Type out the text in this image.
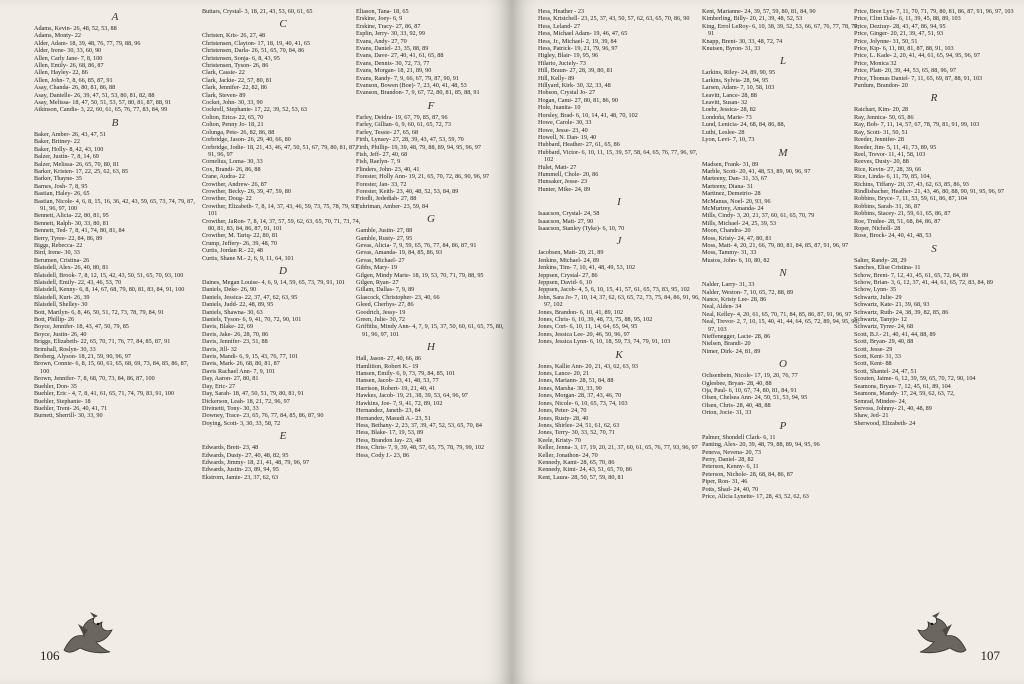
A
Adams, Kevin- 26, 48, 52, 53, 88
Adams, Monty- 22
Alder, Adam- 18, 39, 48, 76, 77, 79, 88, 96
Alder, Irene- 30, 33, 60, 90
Allen, Carly Jane- 7, 8, 100
Allen, Emily- 26, 68, 86, 87
Allen, Hayley- 22, 86
Allen, John- 7, 8, 66, 85, 87, 91
Asay, Chanda- 26, 80, 81, 86, 88
Asay, Danielle- 26, 39, 47, 51, 53, 80, 81, 82, 88
Asay, Melissa- 18, 47, 50, 51, 53, 57, 80, 81, 87, 88, 91
Atkinson, Candis- 3, 22, 60, 61, 65, 76, 77, 83, 84, 99
B
Baker, Amber- 26, 43, 47, 51
Baker, Britney- 22
Baker, Holly- 8, 42, 43, 100
Balzer, Justin- 7, 8, 14, 69
Balzer, Melissa- 26, 65, 70, 80, 81
Barker, Kristen- 17, 22, 25, 62, 63, 85
Barker, Thayne- 35
Barnes, Josh- 7, 8, 95
Bastian, Haley- 26, 65
Bastian, Nicole- 4, 6, 8, 15, 16, 36, 42, 43, 59, 65, 73, 74, 79, 87, 91, 96, 97, 100
Bennett, Alicia- 22, 80, 81, 95
Bennett, Ralph- 30, 33, 80, 81
Bennett, Ted- 7, 8, 41, 74, 80, 81, 84
Berry, Tyree- 22, 84, 86, 89
Biggs, Rebecca- 22
Bird, Irene- 30, 33
Berumen, Cristina- 26
Blaisdell, Alex- 26, 40, 80, 81
Blaisdell, Brook- 7, 8, 12, 15, 42, 43, 50, 51, 65, 70, 93, 100
Blaisdell, Emily- 22, 43, 46, 53, 70
Blaisdell, Kenny- 6, 8, 14, 67, 68, 79, 80, 81, 83, 84, 91, 100
Blaisdell, Kurt- 26, 39
Blaisdell, Shelley- 30
Bott, Marilyn- 6, 8, 46, 50, 51, 72, 73, 78, 79, 84, 91
Bott, Phillip- 26
Boyce, Jennifer- 18, 43, 47, 50, 79, 85
Boyce, Justin- 26, 40
Briggs, Elizabeth- 22, 65, 70, 71, 76, 77, 84, 85, 87, 91
Brimhall, Roslyn- 30, 33
Broberg, Alyson- 18, 21, 59, 90, 96, 97
Brown, Connie- 6, 8, 15, 60, 61, 65, 68, 69, 73, 84, 85, 86, 87, 100
Brown, Jennifer- 7, 8, 68, 70, 73, 84, 86, 87, 100
Buehler, Don- 35
Buehler, Eric - 4, 7, 8, 41, 61, 65, 71, 74, 79, 83, 91, 100
Buehler, Stephanie- 18
Buehler, Trent- 26, 40, 41, 71
Burnett, Sherrill- 30, 33, 90
Buttars, Crystal- 3, 18, 21, 43, 53, 60, 61, 65
C
Christen, Kris- 26, 27, 48
Christensen, Clayton- 17, 18, 19, 40, 41, 65
Christensen, Darla- 26, 51, 65, 70, 84, 86
Christensen, Sonja- 6, 8, 43, 95
Christensen, Tyson- 26, 86
Clark, Cassie- 22
Clark, Jackie- 22, 57, 80, 81
Clark, Jennifer- 22, 82, 86
Clark, Steven- 89
Cocket, John- 30, 33, 90
Cockrell, Stephanie- 17, 22, 39, 52, 53, 63
Colton, Erica- 22, 65, 70
Colton, Penny Jo- 18, 21
Colunga, Pete- 26, 82, 86, 88
Corbridge, Jason- 26, 29, 40, 66, 80
Corbridge, Jodie- 18, 21, 43, 46, 47, 50, 51, 67, 79, 80, 81, 87, 91, 96, 97
Cornelius, Loma- 30, 33
Cox, Brandi- 26, 86, 88
Crane, Audra- 22
Crowther, Andrew- 26, 87
Crowther, Becky- 26, 39, 47, 59, 80
Crowther, Doug- 22
Crowther, Elizabeth- 7, 8, 14, 37, 43, 46, 59, 73, 75, 78, 79, 93, 101
Crowther, JaRon- 7, 8, 14, 37, 57, 59, 62, 63, 65, 70, 71, 73, 74, 80, 81, 83, 84, 86, 87, 91, 101
Crowther, M. Tariq- 22, 80, 81
Crump, Jeffery- 26, 39, 48, 70
Curtis, Jordan R.- 22, 48
Curtis, Shane M.- 2, 6, 9, 11, 64, 101
D
Daines, Megan Louise- 4, 6, 9, 14, 59, 65, 73, 79, 91, 101
Daniels, Deke- 26, 90
Daniels, Jessica- 22, 37, 47, 62, 63, 95
Daniels, Judd- 22, 48, 89, 95
Daniels, Shawna- 30, 63
Daniels, Tyson- 6, 9, 41, 70, 72, 90, 101
Davis, Blake- 22, 69
Davis, Jake- 26, 28, 70, 86
Davis, Jennifer- 23, 51, 88
Davis, Jill- 32
Davis, Mandi- 6, 9, 15, 43, 76, 77, 101
Davis, Mark- 26, 68, 80, 81, 87
Davis Rachael Ann- 7, 9, 101
Day, Aaron- 27, 80, 81
Day, Eric- 27
Day, Sarah- 18, 47, 50, 51, 79, 80, 81, 91
Dickerson, Leah- 18, 21, 72, 96, 97
Divinetti, Tony- 30, 33
Downey, Trace- 23, 65, 76, 77, 84, 85, 86, 87, 90
Doying, Scott- 3, 30, 33, 58, 72
E
Edwards, Brett- 23, 48
Edwards, Dusty- 27, 40, 48, 82, 95
Edwards, Jimmy- 18, 21, 41, 48, 79, 96, 97
Edwards, Justin- 23, 89, 94, 95
Ekstrom, Jamie- 23, 37, 62, 63
Eliason, Tana- 18, 65
Erskine, Joey- 6, 9
Erskine, Tracy- 27, 86, 87
Esplin, Jerry- 30, 33, 92, 99
Evans, Andy- 27, 70
Evans, Daniel- 23, 35, 88, 89
Evans, Dave- 27, 40, 41, 61, 65, 88
Evans, Dennis- 30, 72, 73, 77
Evans, Morgan- 18, 21, 89, 90
Evans, Randy- 7, 9, 66, 67, 79, 87, 90, 91
Evanson, Bowen (Boe)- 7, 23, 40, 41, 48, 53
Evanson, Brandon- 7, 9, 67, 72, 80, 81, 85, 88, 91
F
Farley, Deidra- 19, 67, 79, 85, 87, 96
Farley, Gillian- 6, 9, 60, 61, 65, 72, 73
Farley, Tessie- 27, 65, 68
Firth, Lynsey- 27, 28, 39, 43, 47, 53, 59, 70
Firth, Phillip- 19, 39, 48, 79, 88, 89, 94, 95, 96, 97
Fish, Jeff- 27, 40, 68
Fish, Raelyn- 7, 9
Flinders, John- 23, 40, 41
Forester, Holly Ann- 19, 21, 65, 70, 72, 86, 90, 96, 97
Forester, Jan- 33, 72
Forester, Keith- 23, 40, 48, 52, 53, 84, 89
Friedli, Jedediah- 27, 88
Fuhriman, Amber- 23, 59, 84
G
Gamble, Justin- 27, 88
Gamble, Rusty- 27, 95
Gevas, Alicia- 7, 9, 59, 65, 76, 77, 84, 86, 87, 91
Gevas, Amanda- 19, 84, 85, 86, 93
Gevas, Michael- 27
Gibbs, Mary- 19
Gilgen, Mindy Marie- 18, 19, 53, 70, 71, 79, 88, 95
Gilgen, Ryan- 27
Gillam, Dallas- 7, 9, 89
Glascock, Christopher- 23, 40, 66
Gleed, Cherhys- 27, 86
Goodrich, Jessy- 19
Green, Julie- 30, 72
Griffiths, Mindy Ann- 4, 7, 9, 15, 37, 50, 60, 61, 65, 75, 80, 91, 96, 97, 101
H
Hall, Jason- 27, 40, 66, 86
Hamlition, Robert K.- 19
Hansen, Emily- 6, 9, 73, 79, 84, 85, 101
Hansen, Jacob- 23, 41, 48, 53, 77
Harrison, Robert- 19, 21, 40, 41
Hawkes, Jacob- 19, 21, 38, 39, 53, 64, 96, 97
Hawkins, Joe- 7, 9, 41, 72, 89, 102
Hernandez, Janeth- 23, 84
Hernandez, Masudi A.- 23, 51
Hess, Bethany- 2, 23, 37, 39, 47, 52, 53, 65, 70, 84
Hess, Blake- 17, 19, 53, 89
Hess, Brandon Jay- 23, 48
Hess, Chris- 7, 9, 39, 48, 57, 65, 75, 78, 79, 99, 102
Hess, Cody J.- 23, 86
106
Hess, Heather - 23
Hess, Kristchell- 23, 25, 37, 43, 50, 57, 62, 63, 65, 70, 86, 90
Hess, Leland- 27
Hess, Michael Adam- 19, 46, 47, 65
Hess, Jr., Michael- 2, 19, 39, 84
Hess, Patrick- 19, 21, 79, 96, 97
Higley, Blair- 19, 95, 96
Hilario, Juciely- 73
Hill, Braun- 27, 28, 39, 80, 81
Hill, Kelly- 89
Hillyard, Kirk- 30, 32, 33, 48
Hobson, Crystal Jo- 27
Hogan, Cami- 27, 80, 81, 86, 90
Hole, Juanita- 10
Horsley, Brad- 6, 10, 14, 41, 48, 70, 102
Howe, Carole- 30, 33
Howe, Jesse- 23, 40
Howell, N. Dan- 19, 40
Hubbard, Heather- 27, 61, 65, 86
Hubbard, Victor- 6, 10, 11, 15, 39, 57, 58, 64, 65, 76, 77, 96, 97, 102
Hulet, Matt- 27
Hummell, Chole- 20, 86
Hunsaker, Jesse- 23
Hunter, Mike- 24, 89
I
Isaacson, Crystal- 24, 58
Isaacson, Matt- 27, 90
Isaacson, Stanley (Tyke)- 6, 10, 70
J
Jacobsen, Matt- 20, 21, 89
Jenkins, Michael- 24, 89
Jenkins, Tim- 7, 10, 41, 48, 49, 53, 102
Jeppsen, Crystal- 27, 86
Jeppsen, David- 6, 10
Jeppsen, Jacob- 4, 5, 6, 10, 15, 41, 57, 61, 65, 73, 83, 95, 102
John, Sara Jo- 7, 10, 14, 37, 62, 63, 65, 72, 73, 75, 84, 86, 91, 96, 97, 102
Jones, Brandon- 6, 10, 41, 89, 102
Jones, Chris- 6, 10, 39, 48, 73, 75, 88, 95, 102
Jones, Cort- 6, 10, 11, 14, 64, 65, 94, 95
Jones, Jessica Lee- 20, 46, 50, 96, 97
Jones, Jessica Lynn- 6, 10, 18, 59, 73, 74, 79, 91, 103
K
Jones, Kallie Ann- 20, 21, 43, 62, 63, 93
Jones, Lance- 20, 21
Jones, Mariann- 28, 51, 84, 88
Jones, Marsha- 30, 33, 90
Jones, Morgan- 28, 37, 43, 46, 70
Jones, Nicole- 6, 10, 65, 73, 74, 103
Jones, Peter- 24, 70
Jones, Rusty- 28, 40
Jones, Shirlee- 24, 51, 61, 62, 63
Jones, Terry- 30, 33, 52, 70, 71
Keele, Kristy- 70
Keller, Jenna- 3, 17, 19, 20, 21, 37, 60, 61, 65, 76, 77, 93, 96, 97
Keller, Jonathon- 24, 70
Kennedy, Kami- 28, 65, 70, 86
Kennedy, Kimi- 24, 43, 51, 65, 70, 86
Kent, Laura- 28, 50, 57, 59, 80, 81
Kent, Marianne- 24, 39, 57, 59, 80, 81, 84, 90
Kimberling, Billy- 20, 21, 39, 48, 52, 53
King, Errol LeRoy- 6, 10, 38, 39, 52, 53, 66, 67, 76, 77, 78, 79, 91
Knapp, Brent- 30, 33, 48, 72, 74
Knutsen, Byron- 31, 33
L
Larkins, Riley- 24, 89, 90, 95
Larkins, Sylvia- 28, 94, 95
Larsen, Adam- 7, 10, 58, 103
Leavitt, Lance- 28, 88
Leavitt, Susan- 32
Loehr, Jessica- 28, 82
Londoña, Marie- 73
Lund, Lenicia- 24, 68, 84, 86, 88,
Luthi, Leslee- 28
Lyon, Levi- 7, 10, 73
M
Madsen, Frank- 31, 89
Marble, Scott- 20, 41, 48, 53, 89, 90, 96, 97
Marteeny, Dan- 31, 33, 67
Marteeny, Diana- 31
Martinez, Demetrio- 28
McManus, Noel- 20, 93, 96
McMurtrey, Amanda- 24
Mills, Cindy- 3, 20, 21, 37, 60, 61, 65, 70, 79
Mills, Michael- 24, 25, 39, 53
Moon, Chandra- 20
Moss, Kristy- 24, 47, 80, 81
Moss, Matt- 4, 20, 21, 66, 79, 80, 81, 84, 85, 87, 91, 96, 97
Moss, Tammy- 31, 33
Mustos, John- 6, 10, 80, 82
N
Nalder, Larry- 31, 33
Nalder, Weston- 7, 10, 65, 72, 88, 89
Nance, Kristy Lee- 28, 86
Neal, Alden- 34
Neal, Kelley- 4, 20, 61, 65, 70, 71, 84, 85, 86, 87, 91, 96, 97
Neal, Trevor- 2, 7, 10, 15, 40, 41, 44, 64, 65, 72, 89, 94, 95, 96, 97, 103
Nieffenegger, Lacie- 28, 86
Nielsen, Brandi- 20
Nimer, Dirk- 24, 81, 89
O
Ochsenbein, Nicole- 17, 19, 20, 76, 77
Oglesbee, Bryan- 28, 40, 88
Oja, Paul- 6, 10, 67, 74, 80, 81, 84, 91
Olsen, Chelsea Ann- 24, 50, 51, 53, 94, 95
Olsen, Chris- 28, 40, 48, 88
Orton, Jocie- 31, 33
P
Palmer, Shondell Clark- 6, 11
Panting, Alex- 20, 39, 48, 79, 88, 89, 94, 95, 96
Peneva, Nevena- 20, 73
Perry, Daniel- 28, 82
Peterson, Kenny- 6, 11
Peterson, Nichole- 28, 68, 84, 86, 87
Piper, Ron- 31, 46
Potts, Shad- 24, 40, 70
Price, Alicia Lynette- 17, 28, 43, 52, 62, 63
Price, Bree Lyn- 7, 11, 70, 71, 79, 80, 81, 86, 87, 91, 96, 97, 103
Price, Clint Dale- 6, 11, 39, 45, 88, 89, 103
Price, Deziray- 28, 43, 47, 86, 94, 95
Price, Ginger- 20, 21, 39, 47, 51, 93
Price, Jolynne- 31, 50, 51
Price, Kip- 6, 11, 80, 81, 87, 88, 91, 103
Price, L. Kade- 2, 20, 41, 44, 61, 65, 94, 95, 96, 97
Price, Monica 32
Price, Platt- 20, 39, 44, 53, 65, 88, 96, 97
Price, Thomas Daniel- 7, 11, 65, 69, 87, 88, 91, 103
Purdum, Brandon- 20
R
Raichart, Kim- 20, 28
Ray, Jennica- 50, 65, 86
Ray, Bob- 7, 11, 14, 57, 67, 78, 79, 81, 91, 99, 103
Ray, Scott- 31, 50, 51
Reeder, Jennifer- 28
Reeder, Jim- 5, 11, 41, 73, 89, 95
Reel, Trevor- 11, 41, 58, 103
Reeves, Dusty- 20, 88
Rice, Kevin- 27, 28, 39, 66
Rice, Linda- 6, 11, 79, 85, 104,
Richins, Tiffany- 20, 37, 43, 62, 63, 85, 86, 93
Rindlisbacher, Heather- 21, 43, 46, 80, 88, 90, 91, 95, 96, 97
Robbins, Bryce- 7, 11, 53, 59, 61, 86, 87, 104
Robbins, Sarah- 31, 36, 87
Robbins, Stacey- 21, 59, 61, 65, 86, 87
Roe, Trudee- 28, 51, 68, 84, 86, 87
Roper, Nicholl- 28
Rose, Brock- 24, 40, 41, 48, 53
S
Salter, Randy- 28, 29
Sanches, Elise Cristina- 11
Schow, Brent- 7, 12, 41, 45, 61, 65, 72, 84, 89
Schow, Brian- 3, 6, 12, 37, 41, 44, 61, 65, 72, 83, 84, 89
Schow, Lynn- 35
Schwartz, Julie- 29
Schwartz, Kate- 21, 39, 68, 93
Schwartz, Ruth- 24, 38, 39, 82, 85, 86
Schwartz, Tanyjo- 12
Schwartz, Tyree- 24, 68
Scott, B.J.- 21, 40, 41, 44, 88, 89
Scott, Bryan- 29, 40, 88
Scott, Jesse- 29
Scott, Kent- 31, 33
Scott, Kent- 88
Scott, Shantel- 24, 47, 51
Scouten, Jaime- 6, 12, 39, 59, 65, 70, 72, 90, 104
Seamons, Bryan- 7, 12, 45, 61, 89, 104
Seamons, Mandy- 17, 24, 59, 62, 63, 72,
Semrad, Mindee- 24,
Servoss, Johnny- 21, 40, 48, 89
Shaw, Jed- 21
Sherwood, Elizabeth- 24
107
